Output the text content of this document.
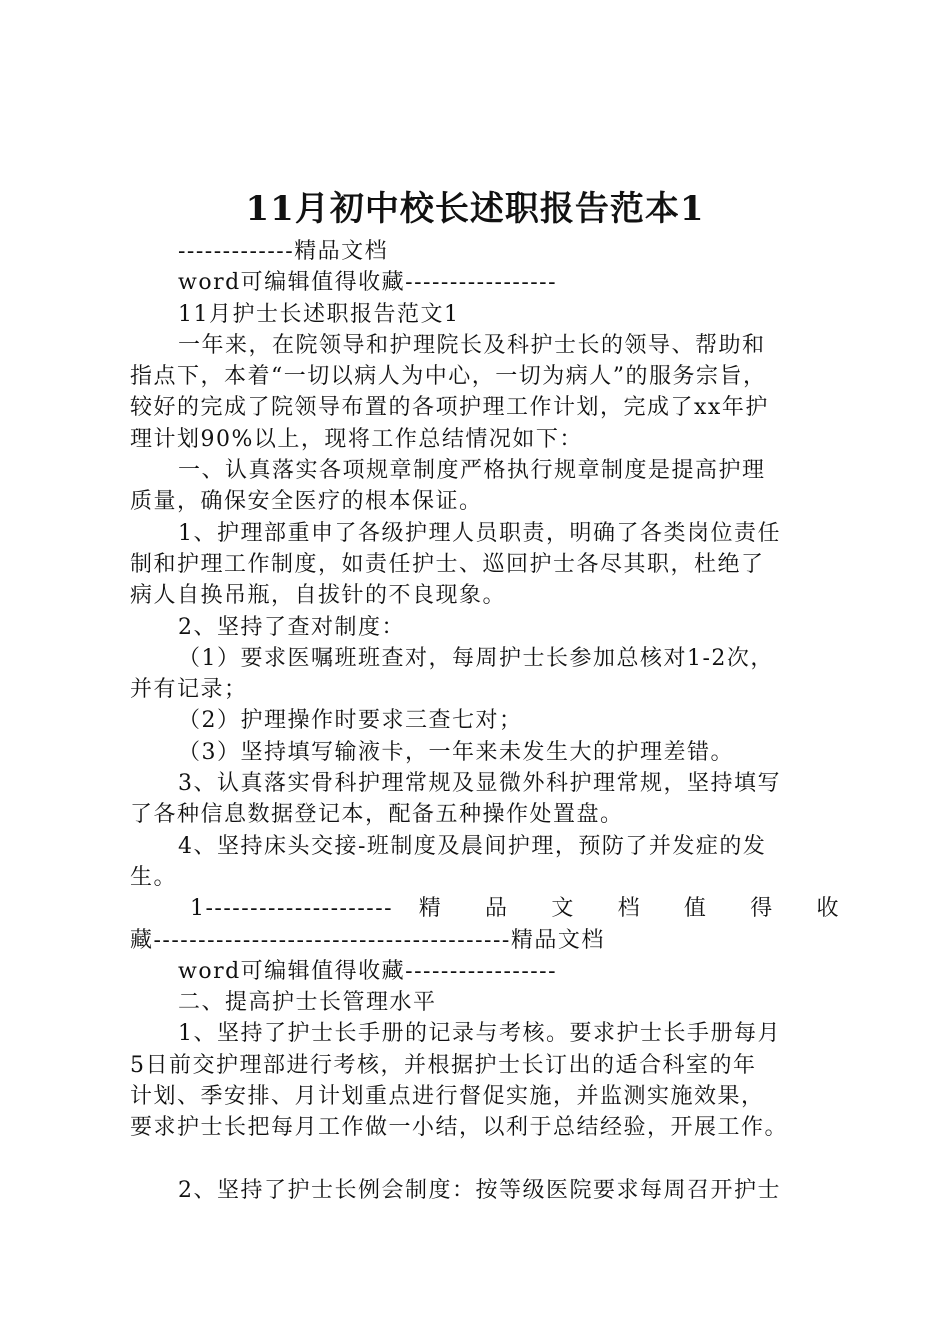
11月初中校长述职报告范本1

-------------精品文档

word可编辑值得收藏-----------------

11月护士长述职报告范文1

一年来，在院领导和护理院长及科护士长的领导、帮助和

指点下，本着“一切以病人为中心，一切为病人”的服务宗旨，

较好的完成了院领导布置的各项护理工作计划，完成了xx年护

理计划90%以上，现将工作总结情况如下：

一、认真落实各项规章制度严格执行规章制度是提高护理

质量，确保安全医疗的根本保证。

1、护理部重申了各级护理人员职责，明确了各类岗位责任

制和护理工作制度，如责任护士、巡回护士各尽其职，杜绝了

病人自换吊瓶，自拔针的不良现象。

2、坚持了查对制度：

（1）要求医嘱班班查对，每周护士长参加总核对1-2次，

并有记录；

（2）护理操作时要求三查七对；

（3）坚持填写输液卡，一年来未发生大的护理差错。

3、认真落实骨科护理常规及显微外科护理常规，坚持填写

了各种信息数据登记本，配备五种操作处置盘。

4、坚持床头交接-班制度及晨间护理，预防了并发症的发

生。

1--------------------- 精 品 文 档 值 得 收

藏----------------------------------------精品文档

word可编辑值得收藏-----------------

二、提高护士长管理水平

1、坚持了护士长手册的记录与考核。要求护士长手册每月

5日前交护理部进行考核，并根据护士长订出的适合科室的年

计划、季安排、月计划重点进行督促实施，并监测实施效果，

要求护士长把每月工作做一小结，以利于总结经验，开展工作。

2、坚持了护士长例会制度：按等级医院要求每周召开护士
